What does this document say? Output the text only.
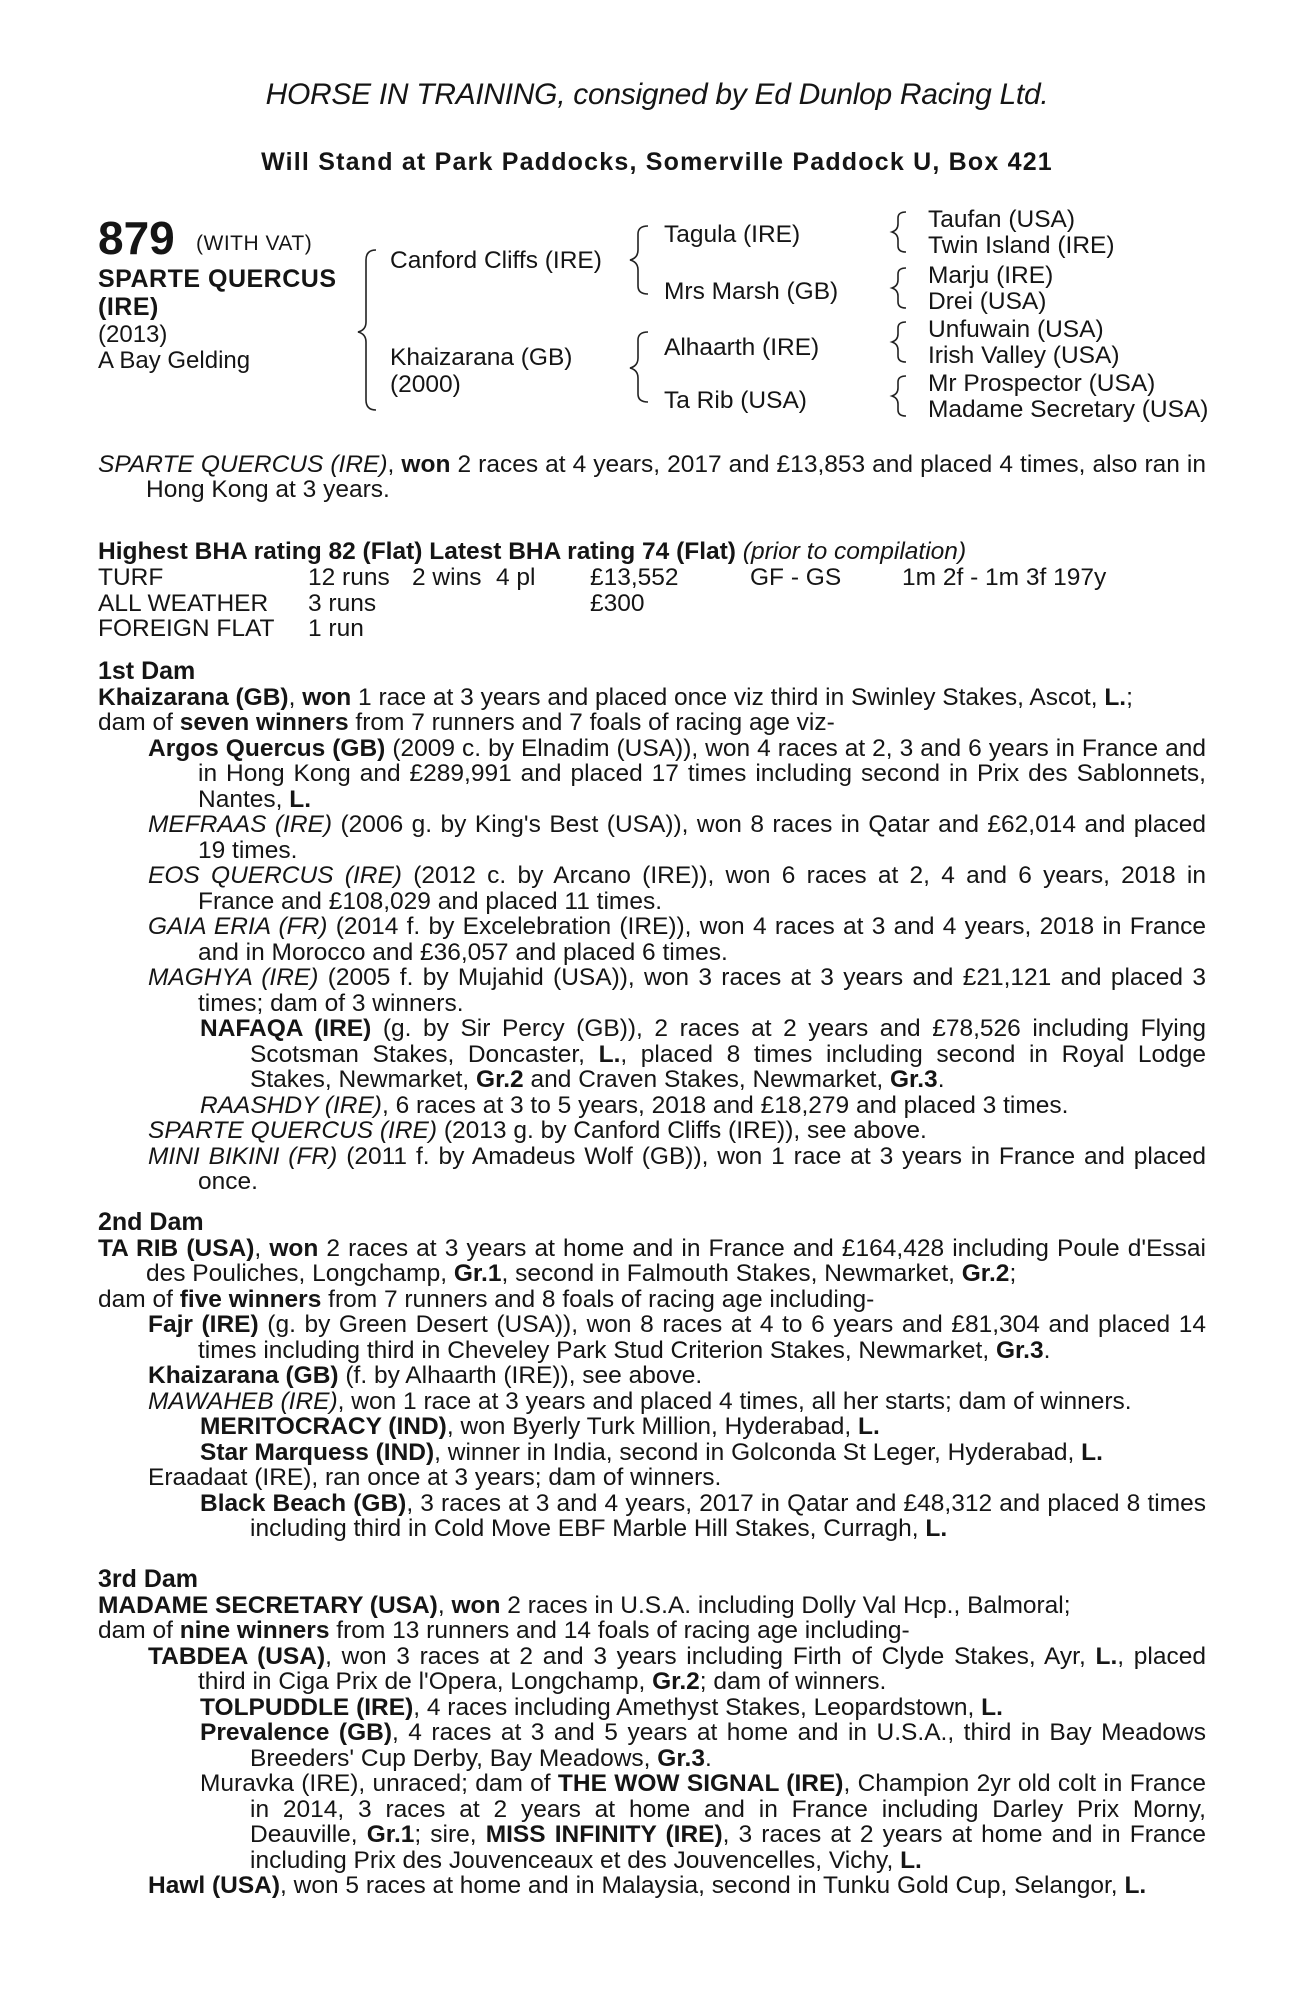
HORSE IN TRAINING, consigned by Ed Dunlop Racing Ltd.
Will Stand at Park Paddocks, Somerville Paddock U, Box 421
879 (WITH VAT)
SPARTE QUERCUS
(IRE)
(2013)
A Bay Gelding
Canford Cliffs (IRE)
Khaizarana (GB)
(2000)
Tagula (IRE)
Mrs Marsh (GB)
Alhaarth (IRE)
Ta Rib (USA)
Taufan (USA)
Twin Island (IRE)
Marju (IRE)
Drei (USA)
Unfuwain (USA)
Irish Valley (USA)
Mr Prospector (USA)
Madame Secretary (USA)

SPARTE QUERCUS (IRE), won 2 races at 4 years, 2017 and £13,853 and placed 4 times, also ran in Hong Kong at 3 years.

Highest BHA rating 82 (Flat) Latest BHA rating 74 (Flat) (prior to compilation)
TURF	12 runs	2 wins	4 pl	£13,552	GF - GS	1m 2f - 1m 3f 197y
ALL WEATHER	3 runs			£300		
FOREIGN FLAT	1 run					

1st Dam

Khaizarana (GB), won 1 race at 3 years and placed once viz third in Swinley Stakes, Ascot, L.;

dam of seven winners from 7 runners and 7 foals of racing age viz-

Argos Quercus (GB) (2009 c. by Elnadim (USA)), won 4 races at 2, 3 and 6 years in France and in Hong Kong and £289,991 and placed 17 times including second in Prix des Sablonnets, Nantes, L.

MEFRAAS (IRE) (2006 g. by King's Best (USA)), won 8 races in Qatar and £62,014 and placed 19 times.

EOS QUERCUS (IRE) (2012 c. by Arcano (IRE)), won 6 races at 2, 4 and 6 years, 2018 in France and £108,029 and placed 11 times.

GAIA ERIA (FR) (2014 f. by Excelebration (IRE)), won 4 races at 3 and 4 years, 2018 in France and in Morocco and £36,057 and placed 6 times.

MAGHYA (IRE) (2005 f. by Mujahid (USA)), won 3 races at 3 years and £21,121 and placed 3 times; dam of 3 winners.

NAFAQA (IRE) (g. by Sir Percy (GB)), 2 races at 2 years and £78,526 including Flying Scotsman Stakes, Doncaster, L., placed 8 times including second in Royal Lodge Stakes, Newmarket, Gr.2 and Craven Stakes, Newmarket, Gr.3.

RAASHDY (IRE), 6 races at 3 to 5 years, 2018 and £18,279 and placed 3 times.

SPARTE QUERCUS (IRE) (2013 g. by Canford Cliffs (IRE)), see above.

MINI BIKINI (FR) (2011 f. by Amadeus Wolf (GB)), won 1 race at 3 years in France and placed once.

2nd Dam

TA RIB (USA), won 2 races at 3 years at home and in France and £164,428 including Poule d'Essai des Pouliches, Longchamp, Gr.1, second in Falmouth Stakes, Newmarket, Gr.2;

dam of five winners from 7 runners and 8 foals of racing age including-

Fajr (IRE) (g. by Green Desert (USA)), won 8 races at 4 to 6 years and £81,304 and placed 14 times including third in Cheveley Park Stud Criterion Stakes, Newmarket, Gr.3.

Khaizarana (GB) (f. by Alhaarth (IRE)), see above.

MAWAHEB (IRE), won 1 race at 3 years and placed 4 times, all her starts; dam of winners.

MERITOCRACY (IND), won Byerly Turk Million, Hyderabad, L.

Star Marquess (IND), winner in India, second in Golconda St Leger, Hyderabad, L.

Eraadaat (IRE), ran once at 3 years; dam of winners.

Black Beach (GB), 3 races at 3 and 4 years, 2017 in Qatar and £48,312 and placed 8 times including third in Cold Move EBF Marble Hill Stakes, Curragh, L.

3rd Dam

MADAME SECRETARY (USA), won 2 races in U.S.A. including Dolly Val Hcp., Balmoral;

dam of nine winners from 13 runners and 14 foals of racing age including-

TABDEA (USA), won 3 races at 2 and 3 years including Firth of Clyde Stakes, Ayr, L., placed third in Ciga Prix de l'Opera, Longchamp, Gr.2; dam of winners.

TOLPUDDLE (IRE), 4 races including Amethyst Stakes, Leopardstown, L.

Prevalence (GB), 4 races at 3 and 5 years at home and in U.S.A., third in Bay Meadows Breeders' Cup Derby, Bay Meadows, Gr.3.

Muravka (IRE), unraced; dam of THE WOW SIGNAL (IRE), Champion 2yr old colt in France in 2014, 3 races at 2 years at home and in France including Darley Prix Morny, Deauville, Gr.1; sire, MISS INFINITY (IRE), 3 races at 2 years at home and in France including Prix des Jouvenceaux et des Jouvencelles, Vichy, L.

Hawl (USA), won 5 races at home and in Malaysia, second in Tunku Gold Cup, Selangor, L.
